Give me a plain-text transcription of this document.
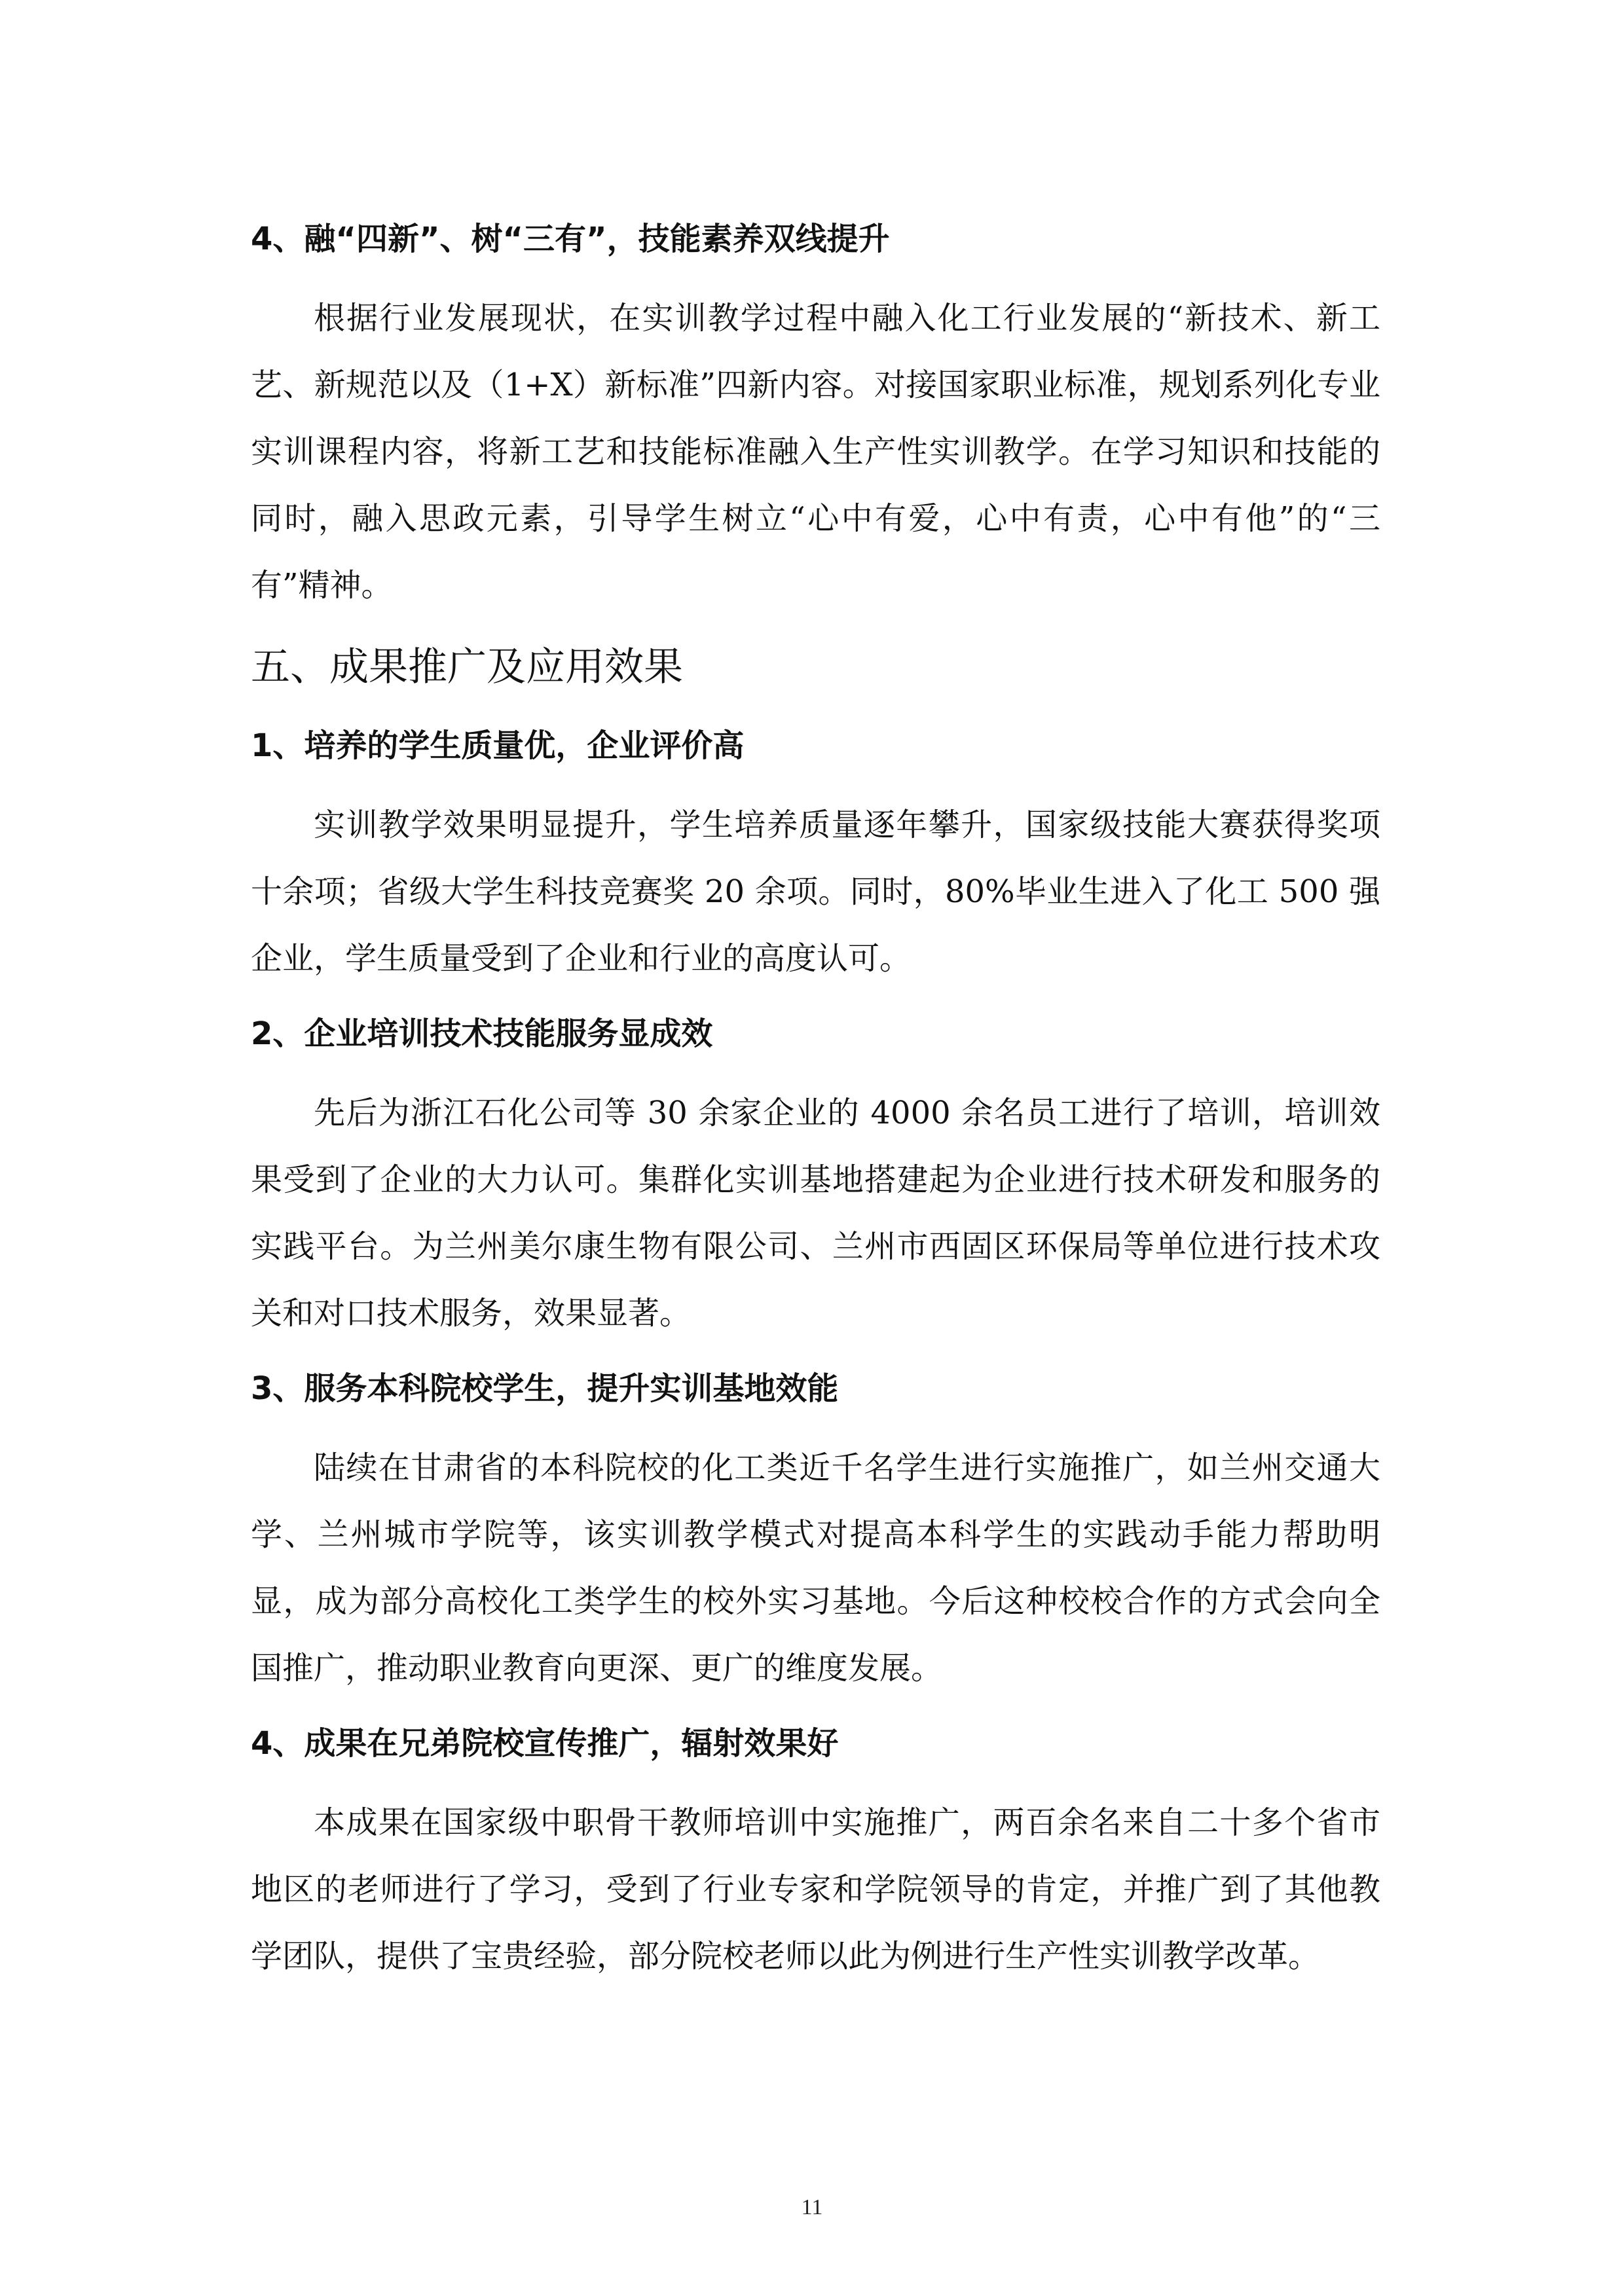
4、融“四新”、树“三有”，技能素养双线提升

根据行业发展现状，在实训教学过程中融入化工行业发展的“新技术、新工艺、新规范以及（1+X）新标准”四新内容。对接国家职业标准，规划系列化专业实训课程内容，将新工艺和技能标准融入生产性实训教学。在学习知识和技能的同时，融入思政元素，引导学生树立“心中有爱，心中有责，心中有他”的“三有”精神。

五、成果推广及应用效果
1、培养的学生质量优，企业评价高

实训教学效果明显提升，学生培养质量逐年攀升，国家级技能大赛获得奖项十余项；省级大学生科技竞赛奖 20 余项。同时，80%毕业生进入了化工 500 强企业，学生质量受到了企业和行业的高度认可。

2、企业培训技术技能服务显成效

先后为浙江石化公司等 30 余家企业的 4000 余名员工进行了培训，培训效果受到了企业的大力认可。集群化实训基地搭建起为企业进行技术研发和服务的实践平台。为兰州美尔康生物有限公司、兰州市西固区环保局等单位进行技术攻关和对口技术服务，效果显著。

3、服务本科院校学生，提升实训基地效能

陆续在甘肃省的本科院校的化工类近千名学生进行实施推广，如兰州交通大学、兰州城市学院等，该实训教学模式对提高本科学生的实践动手能力帮助明显，成为部分高校化工类学生的校外实习基地。今后这种校校合作的方式会向全国推广，推动职业教育向更深、更广的维度发展。

4、成果在兄弟院校宣传推广，辐射效果好

本成果在国家级中职骨干教师培训中实施推广，两百余名来自二十多个省市地区的老师进行了学习，受到了行业专家和学院领导的肯定，并推广到了其他教学团队，提供了宝贵经验，部分院校老师以此为例进行生产性实训教学改革。

11
